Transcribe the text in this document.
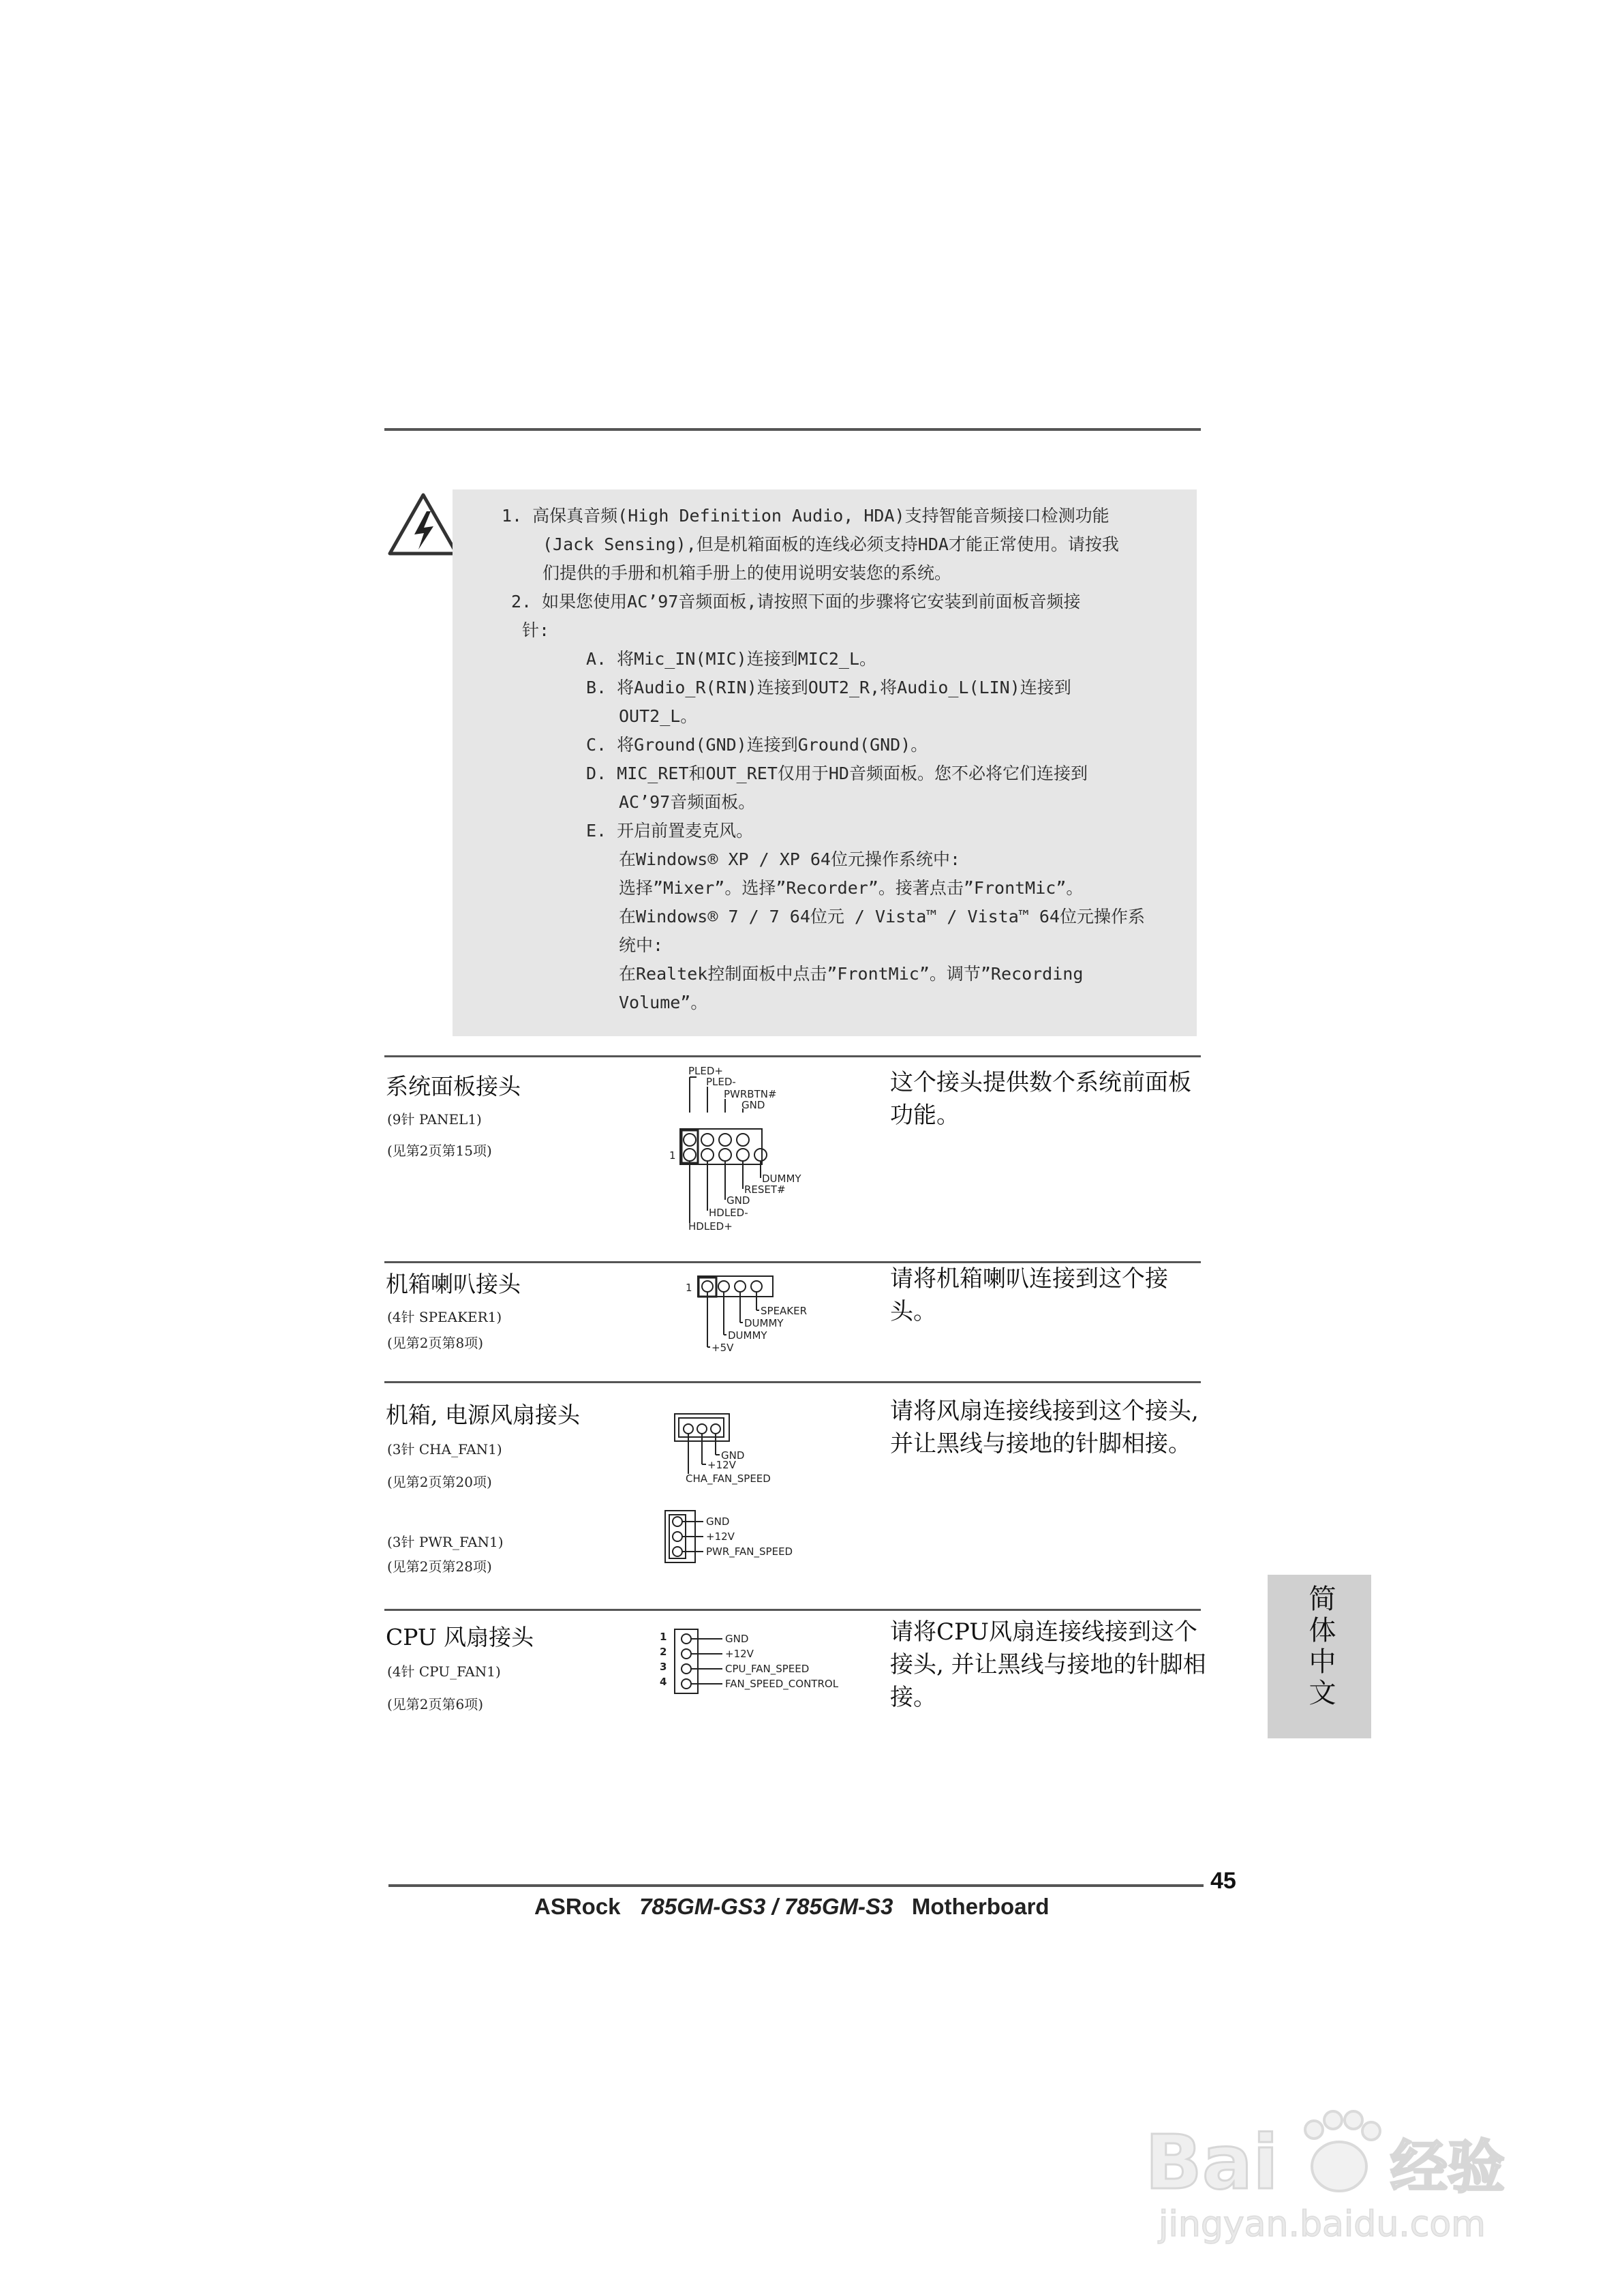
1. 高保真音频(High Definition Audio, HDA)支持智能音频接口检测功能
(Jack Sensing),但是机箱面板的连线必须支持HDA才能正常使用。请按我
们提供的手册和机箱手册上的使用说明安装您的系统。
2. 如果您使用AC’97音频面板,请按照下面的步骤将它安装到前面板音频接
针:
A. 将Mic_IN(MIC)连接到MIC2_L。
B. 将Audio_R(RIN)连接到OUT2_R,将Audio_L(LIN)连接到
OUT2_L。
C. 将Ground(GND)连接到Ground(GND)。
D. MIC_RET和OUT_RET仅用于HD音频面板。您不必将它们连接到
AC’97音频面板。
E. 开启前置麦克风。
在Windows® XP / XP 64位元操作系统中:
选择”Mixer”。选择”Recorder”。接著点击”FrontMic”。
在Windows® 7 / 7 64位元 / Vista™ / Vista™ 64位元操作系
统中:
在Realtek控制面板中点击”FrontMic”。调节”Recording
Volume”。
系统面板接头
(9针 PANEL1)
(见第2页第15项)
这个接头提供数个系统前面板功能。
PLED+
PLED-
PWRBTN#
GND
DUMMY
RESET#
GND
HDLED-
HDLED+
1
机箱喇叭接头
(4针 SPEAKER1)
(见第2页第8项)
请将机箱喇叭连接到这个接头。
1
SPEAKER
DUMMY
DUMMY
+5V
机箱, 电源风扇接头
(3针 CHA_FAN1)
(见第2页第20项)
(3针 PWR_FAN1)
(见第2页第28项)
请将风扇连接线接到这个接头, 并让黑线与接地的针脚相接。
GND
+12V
CHA_FAN_SPEED
GND
+12V
PWR_FAN_SPEED
CPU 风扇接头
(4针 CPU_FAN1)
(见第2页第6项)
请将CPU风扇连接线接到这个接头, 并让黑线与接地的针脚相接。
1
2
3
4
GND
+12V
CPU_FAN_SPEED
FAN_SPEED_CONTROL	简体中文
45
ASRock 785GM-GS3 / 785GM-S3 Motherboard
Bai 经验
jingyan.baidu.com
